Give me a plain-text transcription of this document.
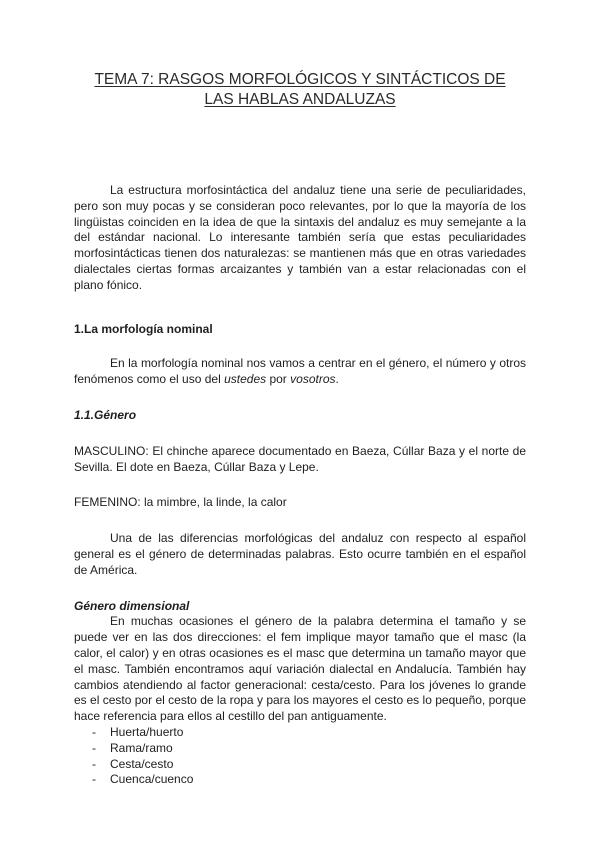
TEMA 7: RASGOS MORFOLÓGICOS Y SINTÁCTICOS DE
LAS HABLAS ANDALUZAS

La estructura morfosintáctica del andaluz tiene una serie de peculiaridades, pero son muy pocas y se consideran poco relevantes, por lo que la mayoría de los lingüistas coinciden en la idea de que la sintaxis del andaluz es muy semejante a la del estándar nacional. Lo interesante también sería que estas peculiaridades morfosintácticas tienen dos naturalezas: se mantienen más que en otras variedades dialectales ciertas formas arcaizantes y también van a estar relacionadas con el plano fónico.

1.La morfología nominal

En la morfología nominal nos vamos a centrar en el género, el número y otros fenómenos como el uso del ustedes por vosotros.

1.1.Género

MASCULINO: El chinche aparece documentado en Baeza, Cúllar Baza y el norte de Sevilla. El dote en Baeza, Cúllar Baza y Lepe.

FEMENINO: la mimbre, la linde, la calor

Una de las diferencias morfológicas del andaluz con respecto al español general es el género de determinadas palabras. Esto ocurre también en el español de América.

Género dimensional

En muchas ocasiones el género de la palabra determina el tamaño y se puede ver en las dos direcciones: el fem implique mayor tamaño que el masc (la calor, el calor) y en otras ocasiones es el masc que determina un tamaño mayor que el masc. También encontramos aquí variación dialectal en Andalucía. También hay cambios atendiendo al factor generacional: cesta/cesto. Para los jóvenes lo grande es el cesto por el cesto de la ropa y para los mayores el cesto es lo pequeño, porque hace referencia para ellos al cestillo del pan antiguamente.

-	Huerta/huerto
-	Rama/ramo
-	Cesta/cesto
-	Cuenca/cuenco
